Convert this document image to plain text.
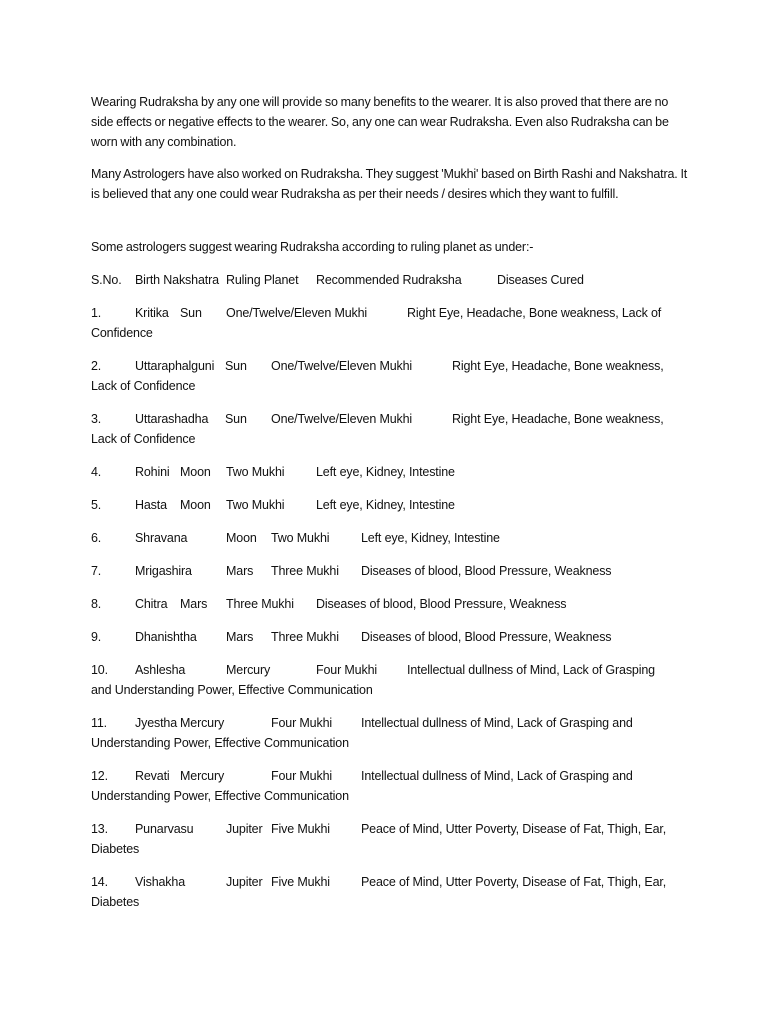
Wearing Rudraksha by any one will provide so many benefits to the wearer. It is also proved that there are no side effects or negative effects to the wearer. So, any one can wear Rudraksha. Even also Rudraksha can be worn with any combination.
Many Astrologers have also worked on Rudraksha. They suggest 'Mukhi' based on Birth Rashi and Nakshatra. It is believed that any one could wear Rudraksha as per their needs / desires which they want to fulfill.
Some astrologers suggest wearing Rudraksha according to ruling planet as under:-
S.No. Birth Nakshatra Ruling Planet Recommended Rudraksha	Diseases Cured
1.	Kritika Sun One/Twelve/Eleven Mukhi	Right Eye, Headache, Bone weakness, Lack of
Confidence
2.	Uttaraphalguni Sun One/Twelve/Eleven Mukhi	Right Eye, Headache, Bone weakness,
Lack of Confidence
3.	Uttarashadha Sun One/Twelve/Eleven Mukhi	Right Eye, Headache, Bone weakness,
Lack of Confidence
4.	Rohini Moon Two Mukhi	Left eye, Kidney, Intestine
5.	Hasta Moon Two Mukhi	Left eye, Kidney, Intestine
6.	Shravana	Moon Two Mukhi	Left eye, Kidney, Intestine
7.	Mrigashira	Mars Three Mukhi Diseases of blood, Blood Pressure, Weakness
8.	Chitra Mars Three Mukhi Diseases of blood, Blood Pressure, Weakness
9.	Dhanishtha Mars Three Mukhi Diseases of blood, Blood Pressure, Weakness
10. Ashlesha	Mercury	Four Mukhi Intellectual dullness of Mind, Lack of Grasping
and Understanding Power, Effective Communication
11. Jyestha Mercury	Four Mukhi Intellectual dullness of Mind, Lack of Grasping and
Understanding Power, Effective Communication
12. Revati Mercury	Four Mukhi Intellectual dullness of Mind, Lack of Grasping and
Understanding Power, Effective Communication
13. Punarvasu	Jupiter Five Mukhi Peace of Mind, Utter Poverty, Disease of Fat, Thigh, Ear,
Diabetes
14. Vishakha	Jupiter Five Mukhi Peace of Mind, Utter Poverty, Disease of Fat, Thigh, Ear,
Diabetes
